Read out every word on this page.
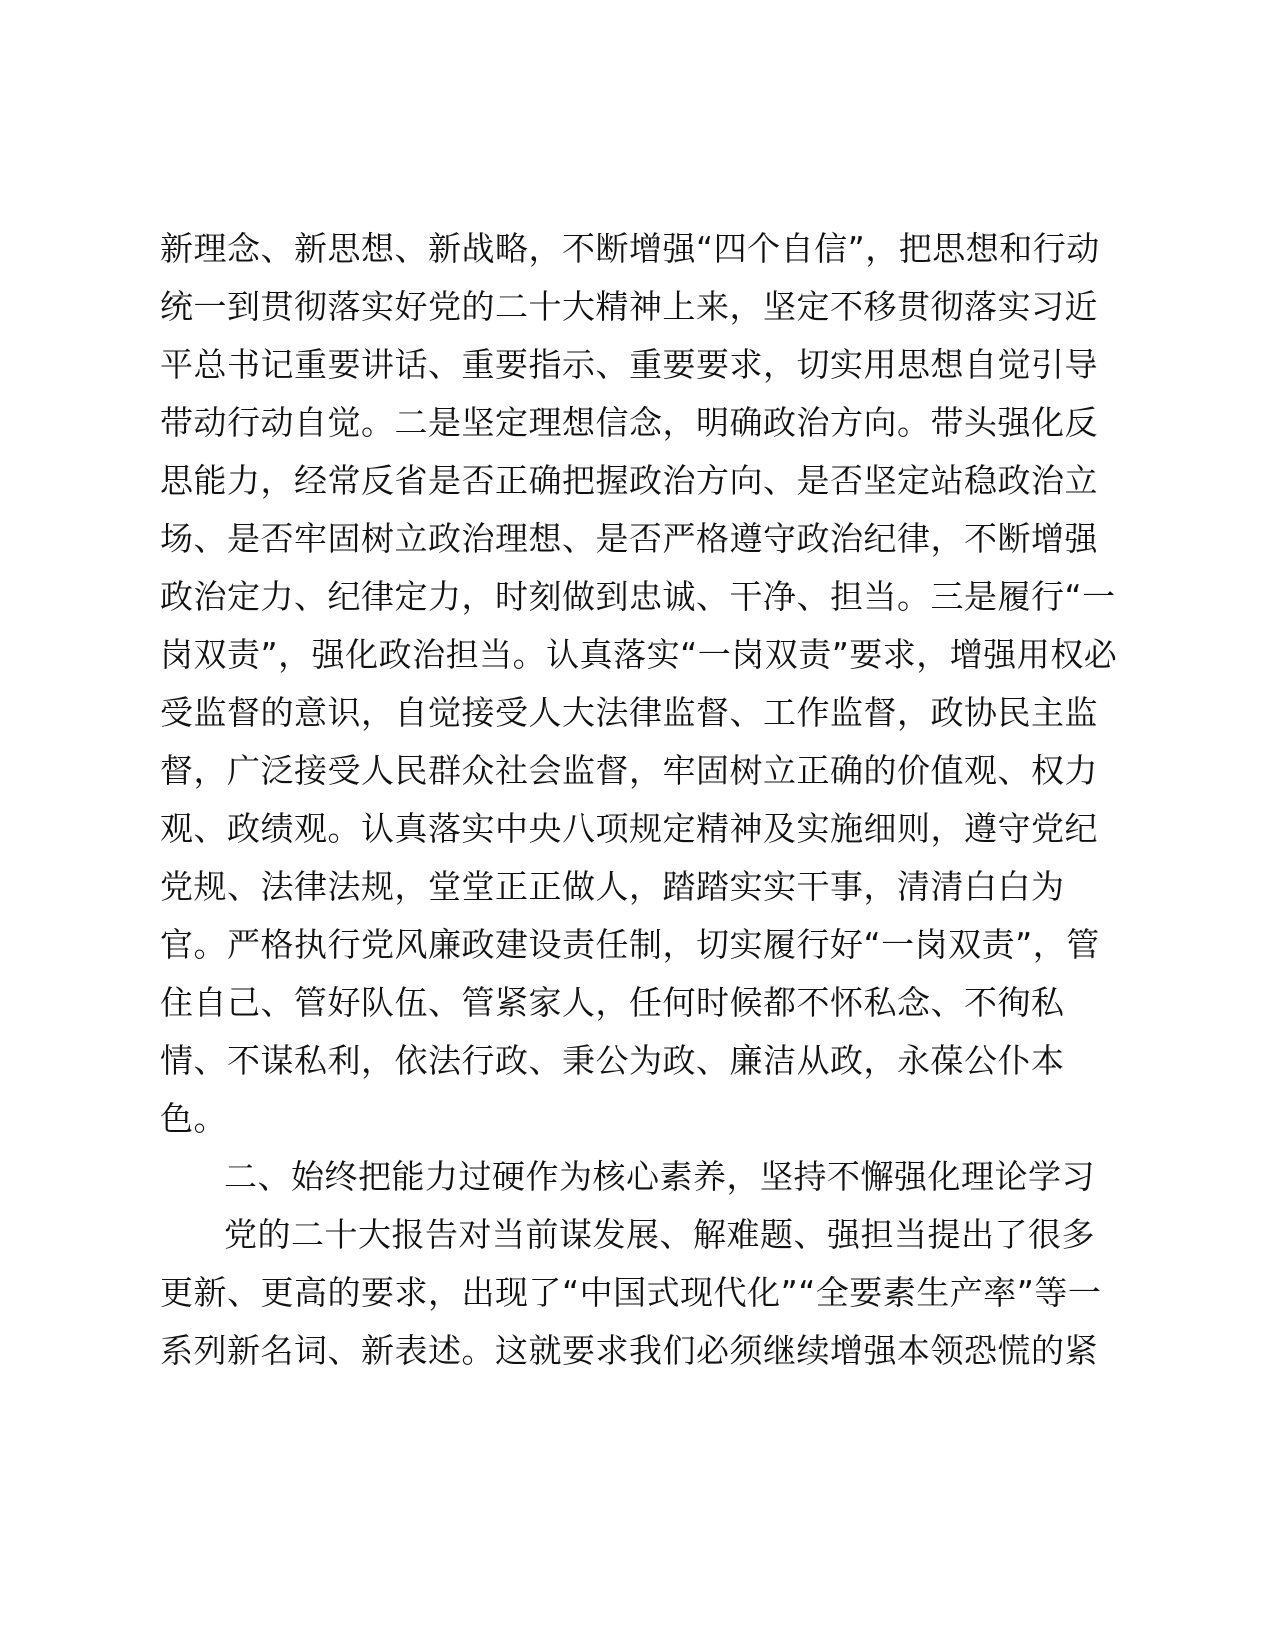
新理念、新思想、新战略，不断增强“四个自信”，把思想和行动
统一到贯彻落实好党的二十大精神上来，坚定不移贯彻落实习近
平总书记重要讲话、重要指示、重要要求，切实用思想自觉引导
带动行动自觉。二是坚定理想信念，明确政治方向。带头强化反
思能力，经常反省是否正确把握政治方向、是否坚定站稳政治立
场、是否牢固树立政治理想、是否严格遵守政治纪律，不断增强
政治定力、纪律定力，时刻做到忠诚、干净、担当。三是履行“一
岗双责”，强化政治担当。认真落实“一岗双责”要求，增强用权必
受监督的意识，自觉接受人大法律监督、工作监督，政协民主监
督，广泛接受人民群众社会监督，牢固树立正确的价值观、权力
观、政绩观。认真落实中央八项规定精神及实施细则，遵守党纪
党规、法律法规，堂堂正正做人，踏踏实实干事，清清白白为
官。严格执行党风廉政建设责任制，切实履行好“一岗双责”，管
住自己、管好队伍、管紧家人，任何时候都不怀私念、不徇私
情、不谋私利，依法行政、秉公为政、廉洁从政，永葆公仆本
色。
二、始终把能力过硬作为核心素养，坚持不懈强化理论学习
党的二十大报告对当前谋发展、解难题、强担当提出了很多
更新、更高的要求，出现了“中国式现代化”“全要素生产率”等一
系列新名词、新表述。这就要求我们必须继续增强本领恐慌的紧
